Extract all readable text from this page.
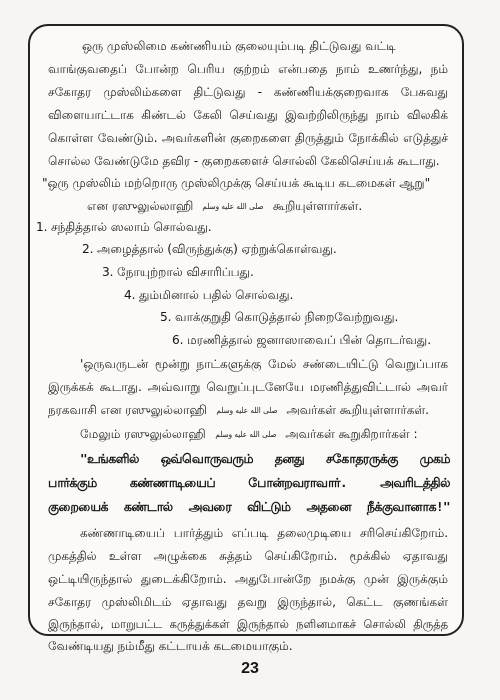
ஒரு முஸ்லிமை கண்ணியம் குலையும்படி திட்டுவது வட்டி
வாங்குவதைப் போன்ற பெரிய குற்றம் என்பதை நாம் உணர்ந்து, நம்
சகோதர முஸ்லிம்களை திட்டுவது - கண்ணியக்குறைவாக பேசுவது
விளையாட்டாக கிண்டல் கேலி செய்வது இவற்றிலிருந்து நாம் விலகிக்
கொள்ள வேண்டும். அவர்களின் குறைகளை திருத்தும் நோக்கில் எடுத்துச்
சொல்ல வேண்டுமே தவிர - குறைகளைச் சொல்லி கேலிசெய்யக் கூடாது.
"ஒரு முஸ்லிம் மற்றொரு முஸ்லிமுக்கு செய்யக் கூடிய கடமைகள் ஆறு"
என ரஸுலுல்லாஹி صلى الله عليه وسلم கூறியுள்ளார்கள்.
1. சந்தித்தால் ஸலாம் சொல்வது.
2. அழைத்தால் (விருந்துக்கு) ஏற்றுக்கொள்வது.
3. நோயுற்றால் விசாரிப்பது.
4. தும்மினால் பதில் சொல்வது.
5. வாக்குறுதி கொடுத்தால் நிறைவேற்றுவது.
6. மரணித்தால் ஜனாஸாவைப் பின் தொடர்வது.
'ஒருவருடன் மூன்று நாட்களுக்கு மேல் சண்டையிட்டு வெறுப்பாக
இருக்கக் கூடாது. அவ்வாறு வெறுப்புடனேயே மரணித்துவிட்டால் அவர்
நரகவாசி என ரஸுலுல்லாஹி صلى الله عليه وسلم அவர்கள் கூறியுள்ளார்கள்.
மேலும் ரஸுலுல்லாஹி صلى الله عليه وسلم அவர்கள் கூறுகிறார்கள் :
"உங்களில் ஒவ்வொருவரும் தனது சகோதரருக்கு முகம்
பார்க்கும் கண்ணாடியைப் போன்றவராவார். அவரிடத்தில்
குறையைக் கண்டால் அவரை விட்டும் அதனை நீக்குவானாக!"
கண்ணாடியைப் பார்த்தும் எப்படி தலைமுடியை சரிசெய்கிறோம்.
முகத்தில் உள்ள அழுக்கை சுத்தம் செய்கிறோம். மூக்கில் ஏதாவது
ஒட்டியிருந்தால் துடைக்கிறோம். அதுபோன்றே நமக்கு முன் இருக்கும்
சகோதர முஸ்லிமிடம் ஏதாவது தவறு இருந்தால், கெட்ட குணங்கள்
இருந்தால், மாறுபட்ட கருத்துக்கள் இருந்தால் நளினமாகச் சொல்லி திருத்த
வேண்டியது நம்மீது கட்டாயக் கடமையாகும்.
23
